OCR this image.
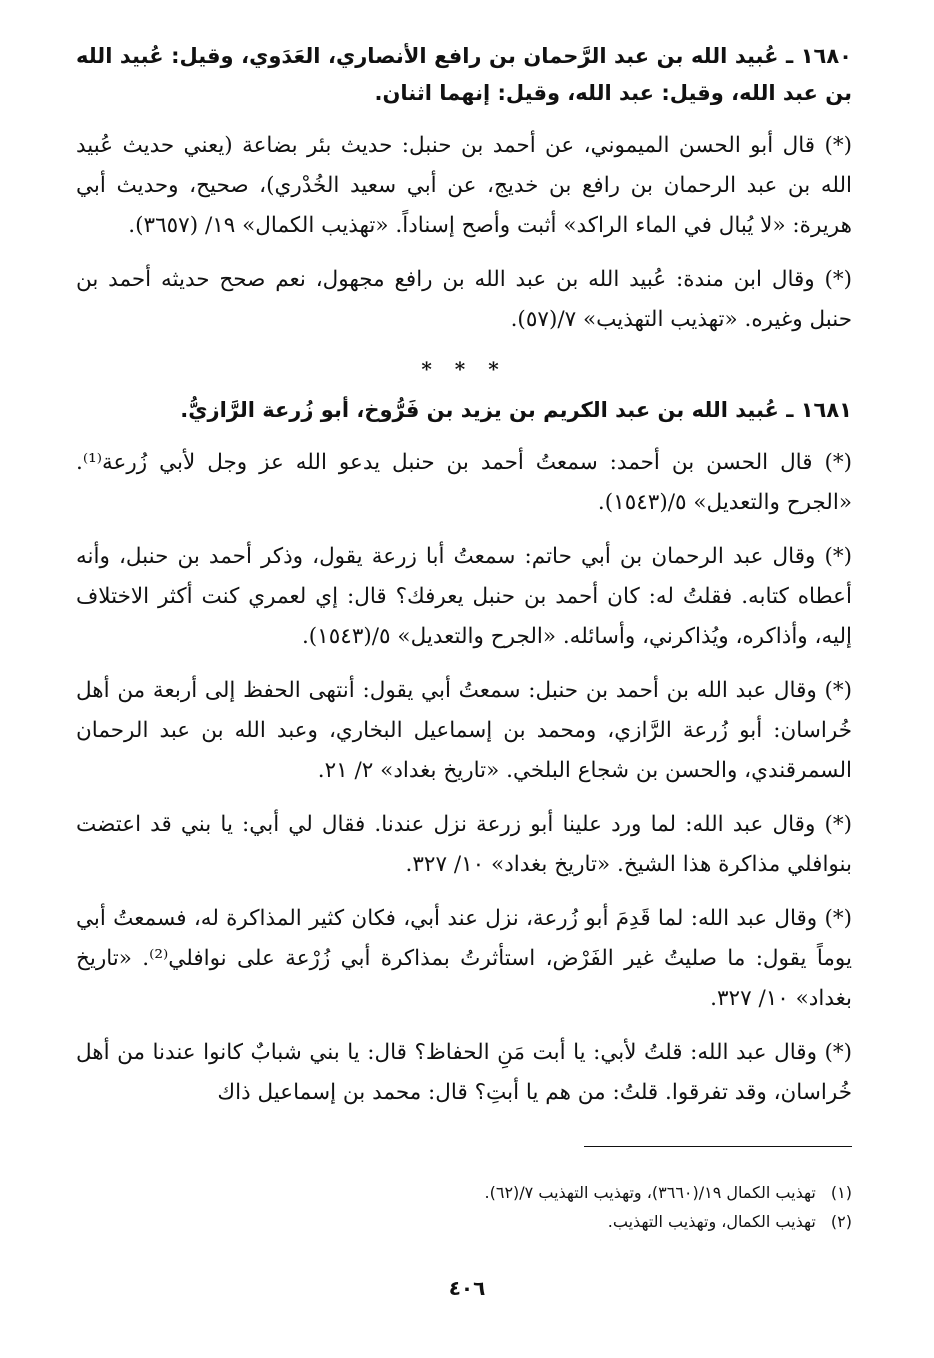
١٦٨٠ ـ عُبيد الله بن عبد الرَّحمان بن رافع الأنصاري، العَدَوي، وقيل: عُبيد الله بن عبد الله، وقيل: عبد الله، وقيل: إنهما اثنان.

(*) قال أبو الحسن الميموني، عن أحمد بن حنبل: حديث بئر بضاعة (يعني حديث عُبيد الله بن عبد الرحمان بن رافع بن خديج، عن أبي سعيد الخُدْري)، صحيح، وحديث أبي هريرة: «لا يُبال في الماء الراكد» أثبت وأصح إسناداً. «تهذيب الكمال» ١٩/ (٣٦٥٧).

(*) وقال ابن مندة: عُبيد الله بن عبد الله بن رافع مجهول، نعم صحح حديثه أحمد بن حنبل وغيره. «تهذيب التهذيب» ٧/(٥٧).

* * *

١٦٨١ ـ عُبيد الله بن عبد الكريم بن يزيد بن فَرُّوخ، أبو زُرعة الرَّازيُّ.

(*) قال الحسن بن أحمد: سمعتُ أحمد بن حنبل يدعو الله عز وجل لأبي زُرعة⁽¹⁾. «الجرح والتعديل» ٥/(١٥٤٣).

(*) وقال عبد الرحمان بن أبي حاتم: سمعتُ أبا زرعة يقول، وذكر أحمد بن حنبل، وأنه أعطاه كتابه. فقلتُ له: كان أحمد بن حنبل يعرفك؟ قال: إي لعمري كنت أكثر الاختلاف إليه، وأذاكره، ويُذاكرني، وأسائله. «الجرح والتعديل» ٥/(١٥٤٣).

(*) وقال عبد الله بن أحمد بن حنبل: سمعتُ أبي يقول: أنتهى الحفظ إلى أربعة من أهل خُراسان: أبو زُرعة الرَّازي، ومحمد بن إسماعيل البخاري، وعبد الله بن عبد الرحمان السمرقندي، والحسن بن شجاع البلخي. «تاريخ بغداد» ٢/ ٢١.

(*) وقال عبد الله: لما ورد علينا أبو زرعة نزل عندنا. فقال لي أبي: يا بني قد اعتضت بنوافلي مذاكرة هذا الشيخ. «تاريخ بغداد» ١٠/ ٣٢٧.

(*) وقال عبد الله: لما قَدِمَ أبو زُرعة، نزل عند أبي، فكان كثير المذاكرة له، فسمعتُ أبي يوماً يقول: ما صليتُ غير الفَرْض، استأثرتُ بمذاكرة أبي زُرْعة على نوافلي⁽²⁾. «تاريخ بغداد» ١٠/ ٣٢٧.

(*) وقال عبد الله: قلتُ لأبي: يا أبت مَنِ الحفاظ؟ قال: يا بني شبابٌ كانوا عندنا من أهل خُراسان، وقد تفرقوا. قلتُ: من هم يا أبتِ؟ قال: محمد بن إسماعيل ذاك

(١) تهذيب الكمال ١٩/(٣٦٦٠)، وتهذيب التهذيب ٧/(٦٢).
(٢) تهذيب الكمال، وتهذيب التهذيب.
٤٠٦
